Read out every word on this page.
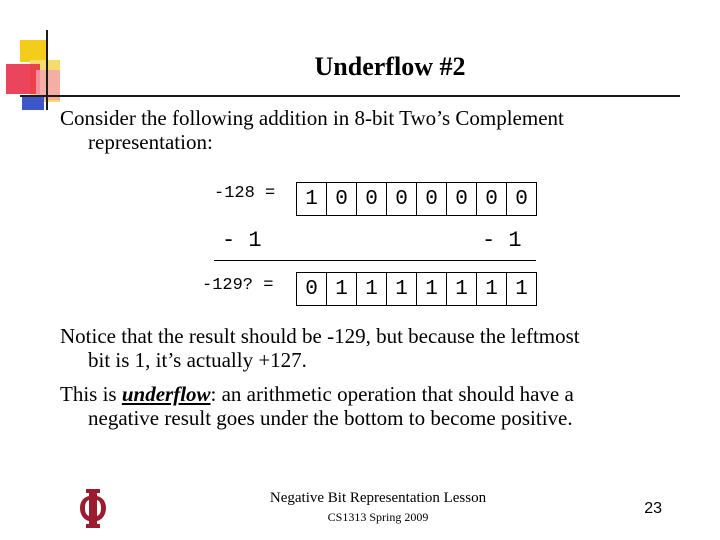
Underflow #2
Consider the following addition in 8-bit Two’s Complement
representation:
-128 =	1 0 0 0 0 0 0 0
- 1	- 1
-129? =	0 1 1 1 1 1 1 1
Notice that the result should be -129, but because the leftmost
bit is 1, it’s actually +127.
This is underflow: an arithmetic operation that should have a
negative result goes under the bottom to become positive.
Negative Bit Representation Lesson
CS1313 Spring 2009	23
